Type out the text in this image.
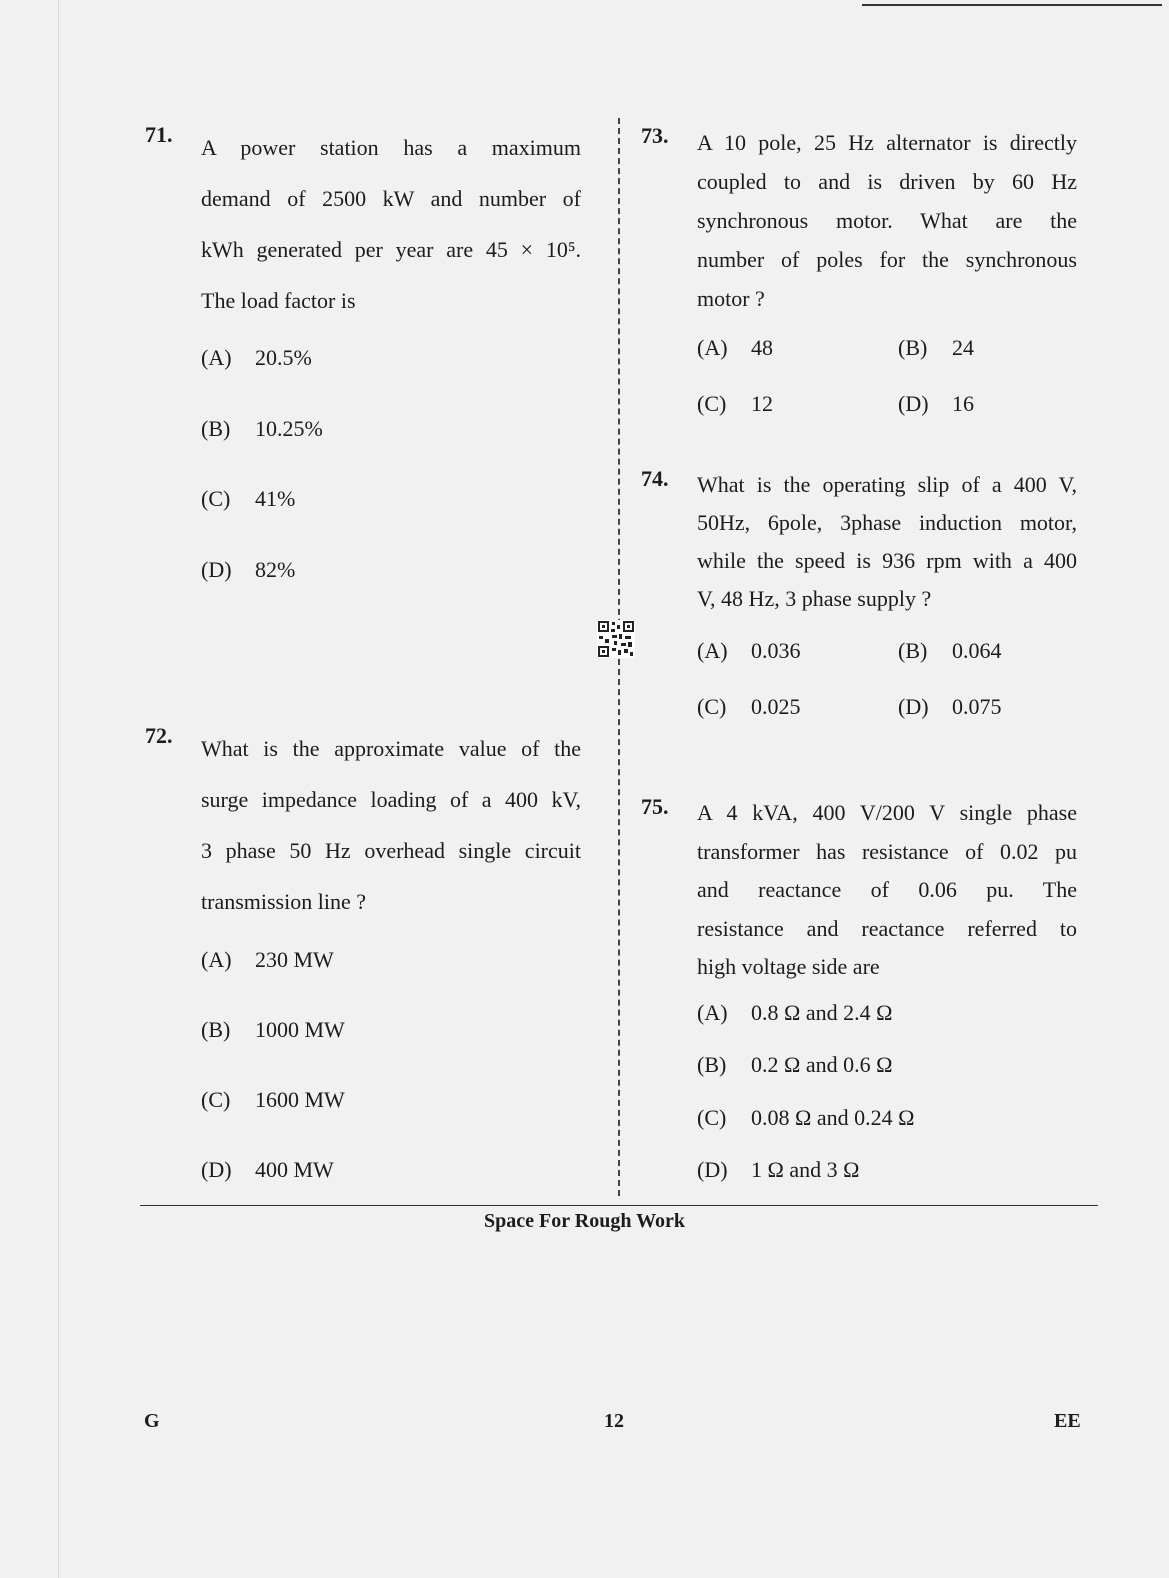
71.
A power station has a maximum
demand of 2500 kW and number of
kWh generated per year are 45 × 10⁵.
The load factor is
(A) 20.5%
(B) 10.25%
(C) 41%
(D) 82%
72.
What is the approximate value of the
surge impedance loading of a 400 kV,
3 phase 50 Hz overhead single circuit
transmission line ?
(A) 230 MW
(B) 1000 MW
(C) 1600 MW
(D) 400 MW
73. A 10 pole, 25 Hz alternator is directly
coupled to and is driven by 60 Hz
synchronous motor. What are the
number of poles for the synchronous
motor ?
(A) 48	(B) 24
(C) 12	(D) 16
74. What is the operating slip of a 400 V,
50Hz, 6pole, 3phase induction motor,
while the speed is 936 rpm with a 400
V, 48 Hz, 3 phase supply ?
(A) 0.036	(B) 0.064
(C) 0.025	(D) 0.075
75. A 4 kVA, 400 V/200 V single phase
transformer has resistance of 0.02 pu
and reactance of 0.06 pu. The
resistance and reactance referred to
high voltage side are
(A) 0.8 Ω and 2.4 Ω
(B) 0.2 Ω and 0.6 Ω
(C) 0.08 Ω and 0.24 Ω
(D) 1 Ω and 3 Ω
Space For Rough Work
G	12	EE
